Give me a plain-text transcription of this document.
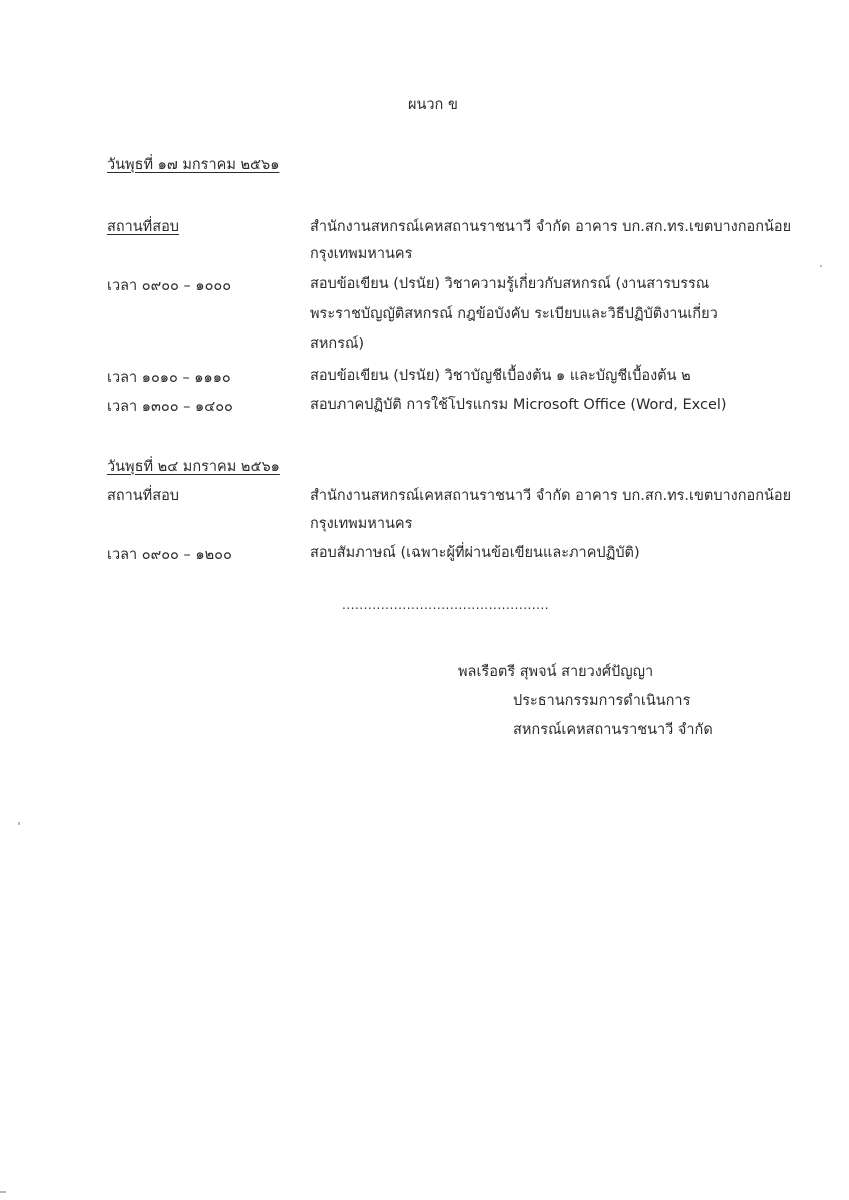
ผนวก ข
วันพุธที่ ๑๗ มกราคม ๒๕๖๑
สถานที่สอบ	สำนักงานสหกรณ์เคหสถานราชนาวี จำกัด อาคาร บก.สก.ทร.เขตบางกอกน้อย
กรุงเทพมหานคร
เวลา ๐๙๐๐ – ๑๐๐๐	สอบข้อเขียน (ปรนัย) วิชาความรู้เกี่ยวกับสหกรณ์ (งานสารบรรณ
พระราชบัญญัติสหกรณ์ กฎข้อบังคับ ระเบียบและวิธีปฏิบัติงานเกี่ยว
สหกรณ์)
เวลา ๑๐๑๐ – ๑๑๑๐	สอบข้อเขียน (ปรนัย) วิชาบัญชีเบื้องต้น ๑ และบัญชีเบื้องต้น ๒
เวลา ๑๓๐๐ – ๑๔๐๐	สอบภาคปฏิบัติ การใช้โปรแกรม Microsoft Office (Word, Excel)
วันพุธที่ ๒๔ มกราคม ๒๕๖๑
สถานที่สอบ	สำนักงานสหกรณ์เคหสถานราชนาวี จำกัด อาคาร บก.สก.ทร.เขตบางกอกน้อย
กรุงเทพมหานคร
เวลา ๐๙๐๐ – ๑๒๐๐	สอบสัมภาษณ์ (เฉพาะผู้ที่ผ่านข้อเขียนและภาคปฏิบัติ)
................................................
พลเรือตรี สุพจน์ สายวงศ์ปัญญา
ประธานกรรมการดำเนินการ
สหกรณ์เคหสถานราชนาวี จำกัด
